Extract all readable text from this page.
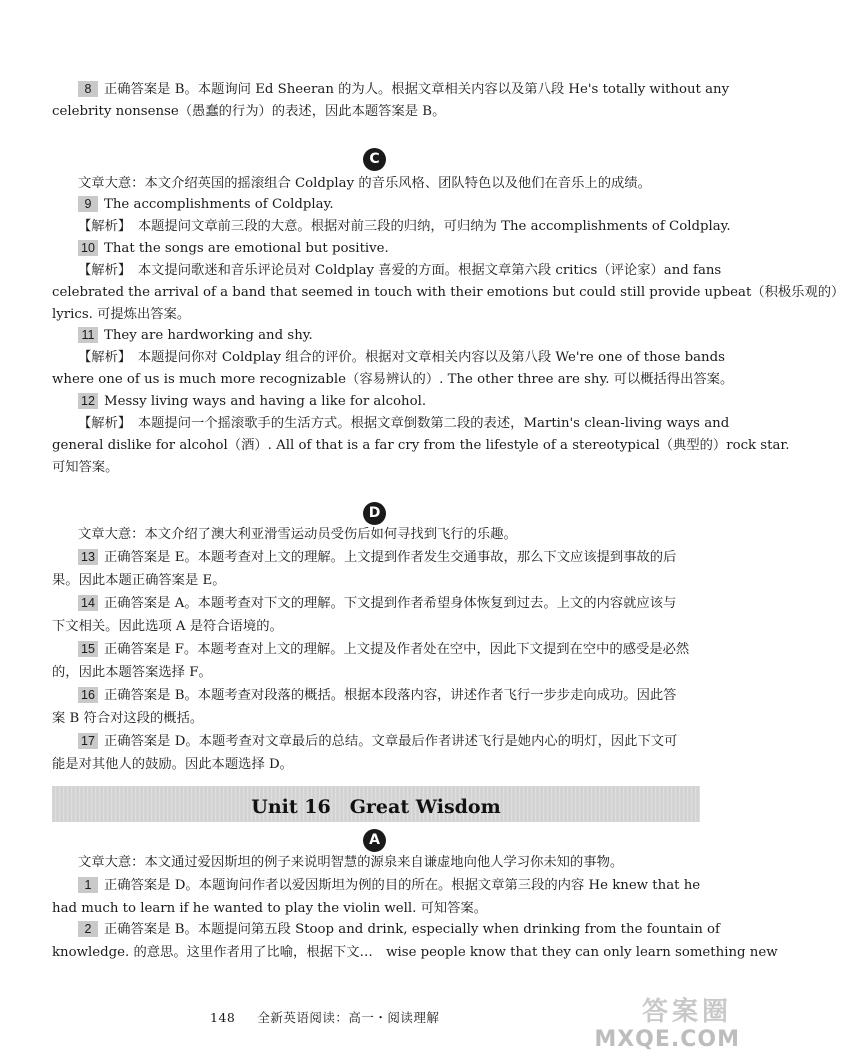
8 正确答案是 B。本题询问 Ed Sheeran 的为人。根据文章相关内容以及第八段 He's totally without any
celebrity nonsense（愚蠢的行为）的表述，因此本题答案是 B。
C
文章大意：本文介绍英国的摇滚组合 Coldplay 的音乐风格、团队特色以及他们在音乐上的成绩。
9 The accomplishments of Coldplay.
【解析】　本题提问文章前三段的大意。根据对前三段的归纳，可归纳为 The accomplishments of Coldplay.
10 That the songs are emotional but positive.
【解析】　本文提问歌迷和音乐评论员对 Coldplay 喜爱的方面。根据文章第六段 critics（评论家）and fans
celebrated the arrival of a band that seemed in touch with their emotions but could still provide upbeat（积极乐观的）
lyrics. 可提炼出答案。
11 They are hardworking and shy.
【解析】　本题提问你对 Coldplay 组合的评价。根据对文章相关内容以及第八段 We're one of those bands
where one of us is much more recognizable（容易辨认的）. The other three are shy. 可以概括得出答案。
12 Messy living ways and having a like for alcohol.
【解析】　本题提问一个摇滚歌手的生活方式。根据文章倒数第二段的表述，Martin's clean-living ways and
general dislike for alcohol（酒）. All of that is a far cry from the lifestyle of a stereotypical（典型的）rock star.
可知答案。
D
文章大意：本文介绍了澳大利亚滑雪运动员受伤后如何寻找到飞行的乐趣。
13 正确答案是 E。本题考查对上文的理解。上文提到作者发生交通事故，那么下文应该提到事故的后
果。因此本题正确答案是 E。
14 正确答案是 A。本题考查对下文的理解。下文提到作者希望身体恢复到过去。上文的内容就应该与
下文相关。因此选项 A 是符合语境的。
15 正确答案是 F。本题考查对上文的理解。上文提及作者处在空中，因此下文提到在空中的感受是必然
的，因此本题答案选择 F。
16 正确答案是 B。本题考查对段落的概括。根据本段落内容，讲述作者飞行一步步走向成功。因此答
案 B 符合对这段的概括。
17 正确答案是 D。本题考查对文章最后的总结。文章最后作者讲述飞行是她内心的明灯，因此下文可
能是对其他人的鼓励。因此本题选择 D。
Unit 16　Great Wisdom
A
文章大意：本文通过爱因斯坦的例子来说明智慧的源泉来自谦虚地向他人学习你未知的事物。
1 正确答案是 D。本题询问作者以爱因斯坦为例的目的所在。根据文章第三段的内容 He knew that he
had much to learn if he wanted to play the violin well. 可知答案。
2 正确答案是 B。本题提问第五段 Stoop and drink, especially when drinking from the fountain of
knowledge. 的意思。这里作者用了比喻，根据下文…　wise people know that they can only learn something new
148 全新英语阅读：高一・阅读理解	答案圈
MXQE.COM
